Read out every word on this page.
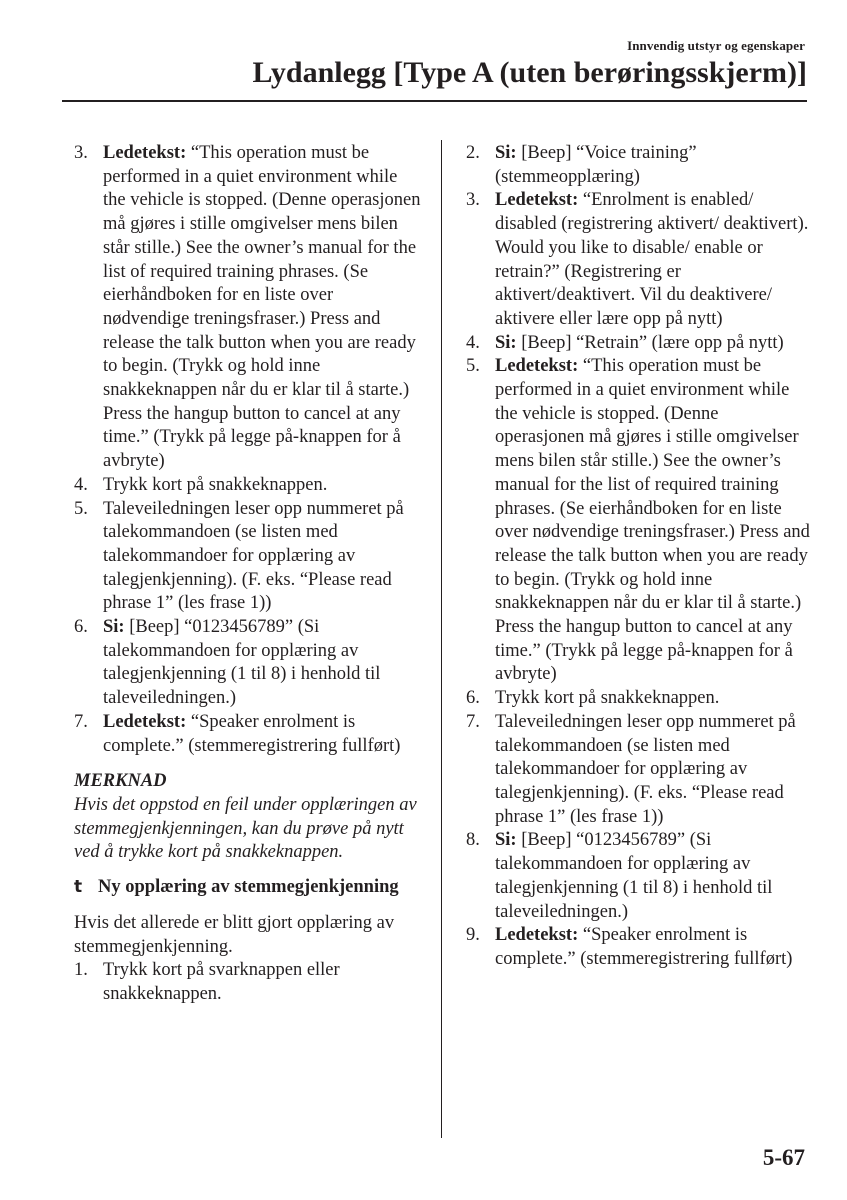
Innvendig utstyr og egenskaper
Lydanlegg [Type A (uten berøringsskjerm)]
3. Ledetekst: “This operation must be performed in a quiet environment while the vehicle is stopped. (Denne operasjonen må gjøres i stille omgivelser mens bilen står stille.) See the owner’s manual for the list of required training phrases. (Se eierhåndboken for en liste over nødvendige treningsfraser.) Press and release the talk button when you are ready to begin. (Trykk og hold inne snakkeknappen når du er klar til å starte.) Press the hangup button to cancel at any time.” (Trykk på legge på-knappen for å avbryte)
4. Trykk kort på snakkeknappen.
5. Taleveiledningen leser opp nummeret på talekommandoen (se listen med talekommandoer for opplæring av talegjenkjenning). (F. eks. “Please read phrase 1” (les frase 1))
6. Si: [Beep] “0123456789” (Si talekommandoen for opplæring av talegjenkjenning (1 til 8) i henhold til taleveiledningen.)
7. Ledetekst: “Speaker enrolment is complete.” (stemmeregistrering fullført)
MERKNAD
Hvis det oppstod en feil under opplæringen av stemmegjenkjenningen, kan du prøve på nytt ved å trykke kort på snakkeknappen.
t Ny opplæring av stemmegjenkjenning
Hvis det allerede er blitt gjort opplæring av stemmegjenkjenning.
1. Trykk kort på svarknappen eller snakkeknappen.
2. Si: [Beep] “Voice training” (stemmeopplæring)
3. Ledetekst: “Enrolment is enabled/ disabled (registrering aktivert/ deaktivert). Would you like to disable/ enable or retrain?” (Registrering er aktivert/deaktivert. Vil du deaktivere/ aktivere eller lære opp på nytt)
4. Si: [Beep] “Retrain” (lære opp på nytt)
5. Ledetekst: “This operation must be performed in a quiet environment while the vehicle is stopped. (Denne operasjonen må gjøres i stille omgivelser mens bilen står stille.) See the owner’s manual for the list of required training phrases. (Se eierhåndboken for en liste over nødvendige treningsfraser.) Press and release the talk button when you are ready to begin. (Trykk og hold inne snakkeknappen når du er klar til å starte.) Press the hangup button to cancel at any time.” (Trykk på legge på-knappen for å avbryte)
6. Trykk kort på snakkeknappen.
7. Taleveiledningen leser opp nummeret på talekommandoen (se listen med talekommandoer for opplæring av talegjenkjenning). (F. eks. “Please read phrase 1” (les frase 1))
8. Si: [Beep] “0123456789” (Si talekommandoen for opplæring av talegjenkjenning (1 til 8) i henhold til taleveiledningen.)
9. Ledetekst: “Speaker enrolment is complete.” (stemmeregistrering fullført)
5-67
